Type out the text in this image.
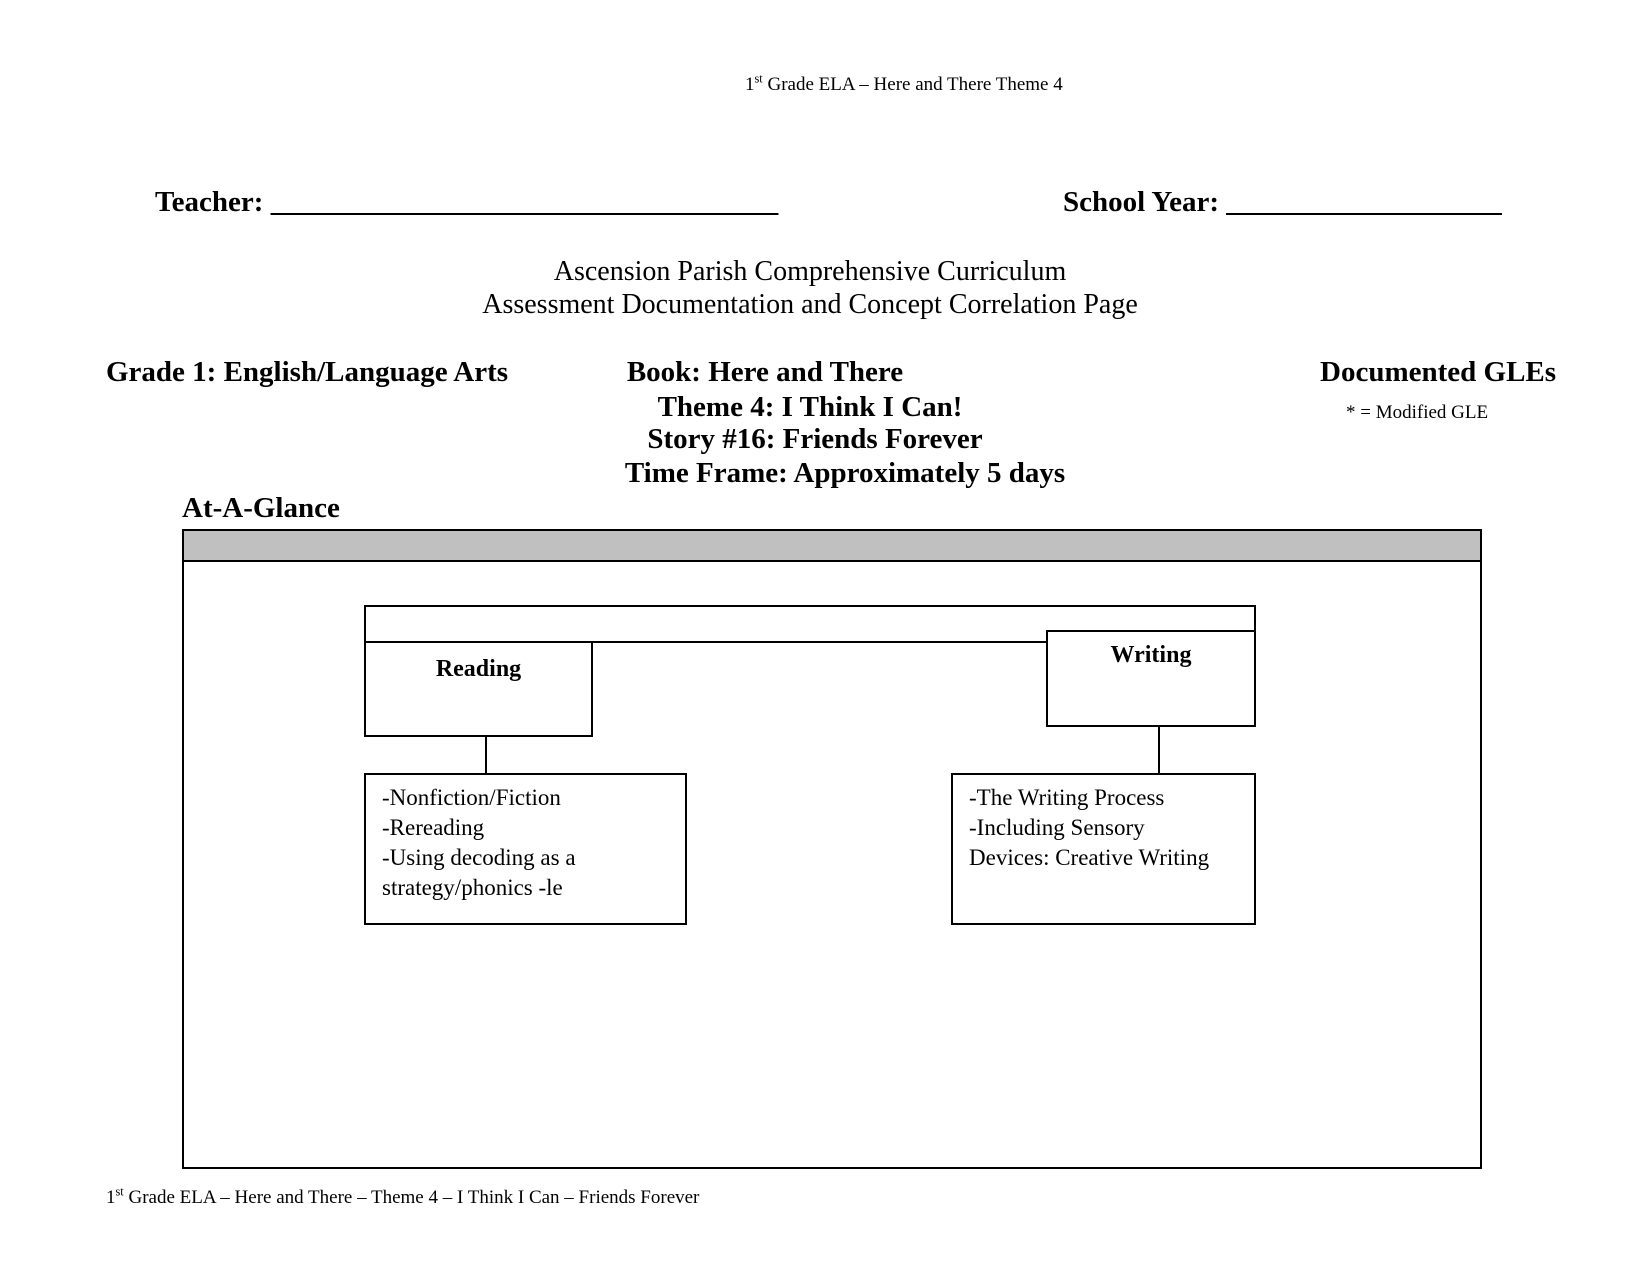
1st Grade ELA – Here and There Theme 4
Teacher: ___________________________________	School Year: ___________________
Ascension Parish Comprehensive Curriculum
Assessment Documentation and Concept Correlation Page
Grade 1: English/Language Arts	Book: Here and There
Theme 4: I Think I Can!
Story #16: Friends Forever
Time Frame: Approximately 5 days
Documented GLEs
* = Modified GLE
At-A-Glance
Reading
Writing
-Nonfiction/Fiction
-Rereading
-Using decoding as a
strategy/phonics -le
-The Writing Process
-Including Sensory
Devices: Creative Writing
1st Grade ELA – Here and There – Theme 4 – I Think I Can – Friends Forever
